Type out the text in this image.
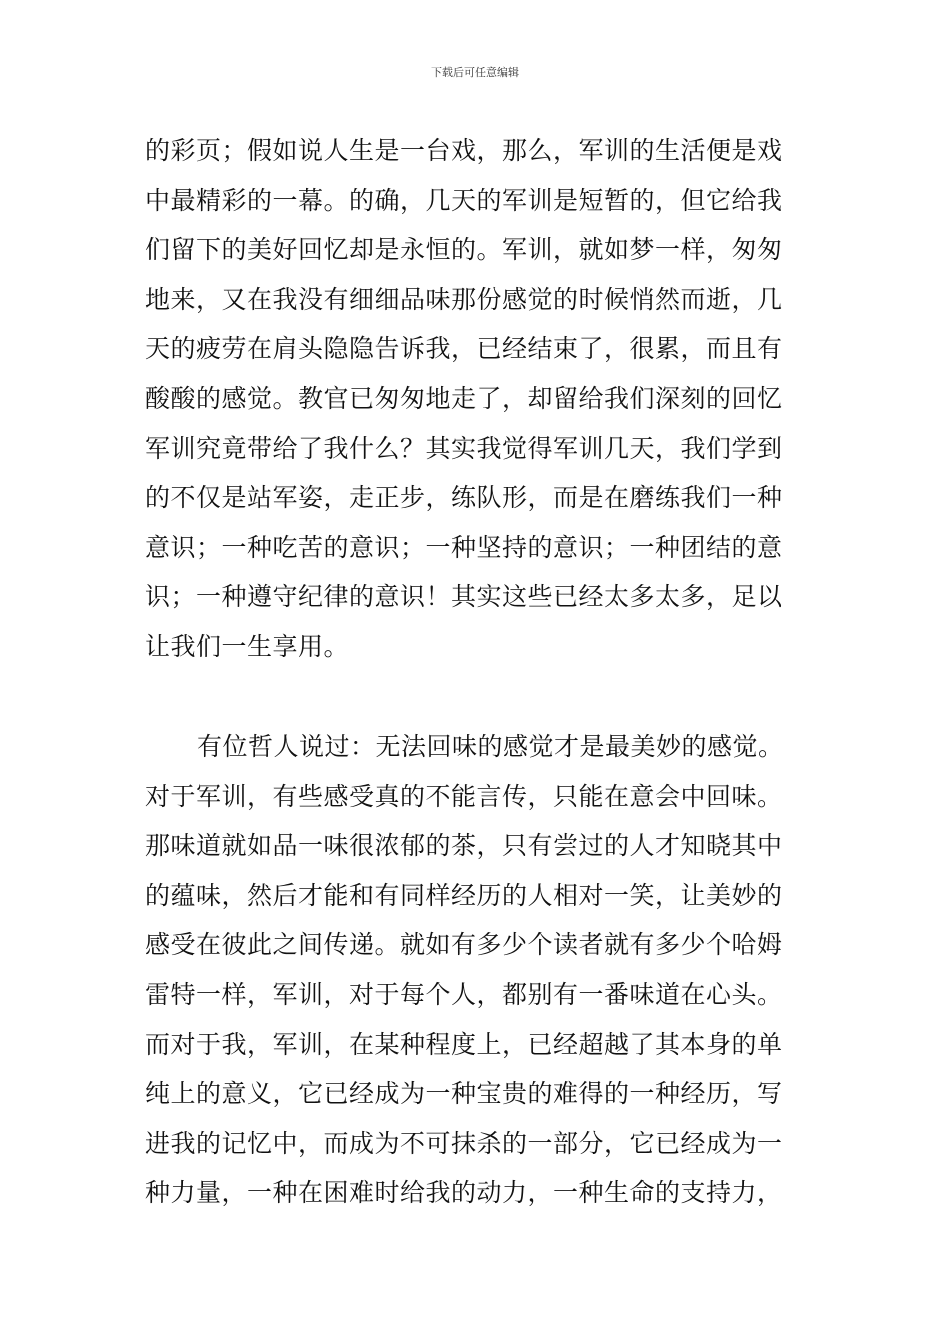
下载后可任意编辑
的彩页；假如说人生是一台戏，那么，军训的生活便是戏
中最精彩的一幕。的确，几天的军训是短暂的，但它给我
们留下的美好回忆却是永恒的。军训，就如梦一样，匆匆
地来，又在我没有细细品味那份感觉的时候悄然而逝，几
天的疲劳在肩头隐隐告诉我，已经结束了，很累，而且有
酸酸的感觉。教官已匆匆地走了，却留给我们深刻的回忆
军训究竟带给了我什么？其实我觉得军训几天，我们学到
的不仅是站军姿，走正步，练队形，而是在磨练我们一种
意识；一种吃苦的意识；一种坚持的意识；一种团结的意
识；一种遵守纪律的意识！其实这些已经太多太多，足以
让我们一生享用。
有位哲人说过：无法回味的感觉才是最美妙的感觉。
对于军训，有些感受真的不能言传，只能在意会中回味。
那味道就如品一味很浓郁的茶，只有尝过的人才知晓其中
的蕴味，然后才能和有同样经历的人相对一笑，让美妙的
感受在彼此之间传递。就如有多少个读者就有多少个哈姆
雷特一样，军训，对于每个人，都别有一番味道在心头。
而对于我，军训，在某种程度上，已经超越了其本身的单
纯上的意义，它已经成为一种宝贵的难得的一种经历，写
进我的记忆中，而成为不可抹杀的一部分，它已经成为一
种力量，一种在困难时给我的动力，一种生命的支持力，
